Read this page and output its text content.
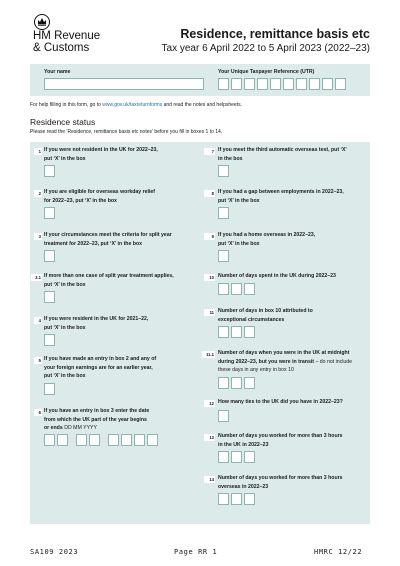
HM Revenue
& Customs
Residence, remittance basis etc
Tax year 6 April 2022 to 5 April 2023 (2022–23)
Your name	Your Unique Taxpayer Reference (UTR)
For help filling in this form, go to www.gov.uk/taxreturnforms and read the notes and helpsheets.
Residence status
Please read the ‘Residence, remittance basis etc notes’ before you fill in boxes 1 to 14.
1 If you were not resident in the UK for 2022–23,
put ‘X’ in the box
2 If you are eligible for overseas workday relief
for 2022–23, put ‘X’ in the box
3 If your circumstances meet the criteria for split year
treatment for 2022–23, put ‘X’ in the box
3.1 If more than one case of split year treatment applies,
put ‘X’ in the box
4 If you were resident in the UK for 2021–22,
put ‘X’ in the box
5 If you have made an entry in box 2 and any of
your foreign earnings are for an earlier year,
put ‘X’ in the box
6 If you have an entry in box 3 enter the date
from which the UK part of the year begins
or ends DD MM YYYY
7 If you meet the third automatic overseas test, put ‘X’
in the box
8 If you had a gap between employments in 2022–23,
put ‘X’ in the box
9 If you had a home overseas in 2022–23,
put ‘X’ in the box
10 Number of days spent in the UK during 2022–23
11 Number of days in box 10 attributed to
exceptional circumstances
11.1 Number of days when you were in the UK at midnight
during 2022–23, but you were in transit – do not include
these days in any entry in box 10
12 How many ties to the UK did you have in 2022–23?
13 Number of days you worked for more than 3 hours
in the UK in 2022–23
14 Number of days you worked for more than 3 hours
overseas in 2022–23
SA109 2023	Page RR 1	HMRC 12/22
